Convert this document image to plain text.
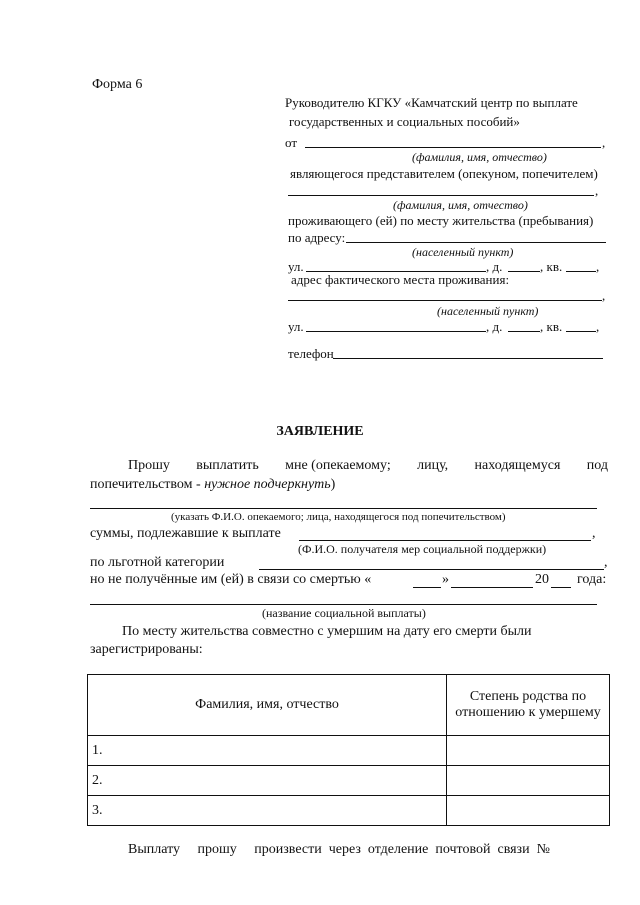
Форма 6
Руководителю КГКУ «Камчатский центр по выплате
государственных и социальных пособий»
от	,
(фамилия, имя, отчество)
являющегося представителем (опекуном, попечителем)
,
(фамилия, имя, отчество)
проживающего (ей) по месту жительства (пребывания)
по адресу:
(населенный пункт)
ул.	, д.	, кв.	,
адрес фактического места проживания:
,
(населенный пункт)
ул.	, д.	, кв.	,
телефон
ЗАЯВЛЕНИЕ
Прошу выплатить мне (опекаемому; лицу, находящемуся под
попечительством - нужное подчеркнуть)
(указать Ф.И.О. опекаемого; лица, находящегося под попечительством)
суммы, подлежавшие к выплате	,
(Ф.И.О. получателя мер социальной поддержки)
по льготной категории	,
но не получённые им (ей) в связи со смертью «	»	20 года:
(название социальной выплаты)
По месту жительства совместно с умершим на дату его смерти были
зарегистрированы:
Фамилия, имя, отчество	Степень родства по отношению к умершему
1.	
2.	
3.	
Выплату     прошу     произвести  через  отделение  почтовой  связи  №
